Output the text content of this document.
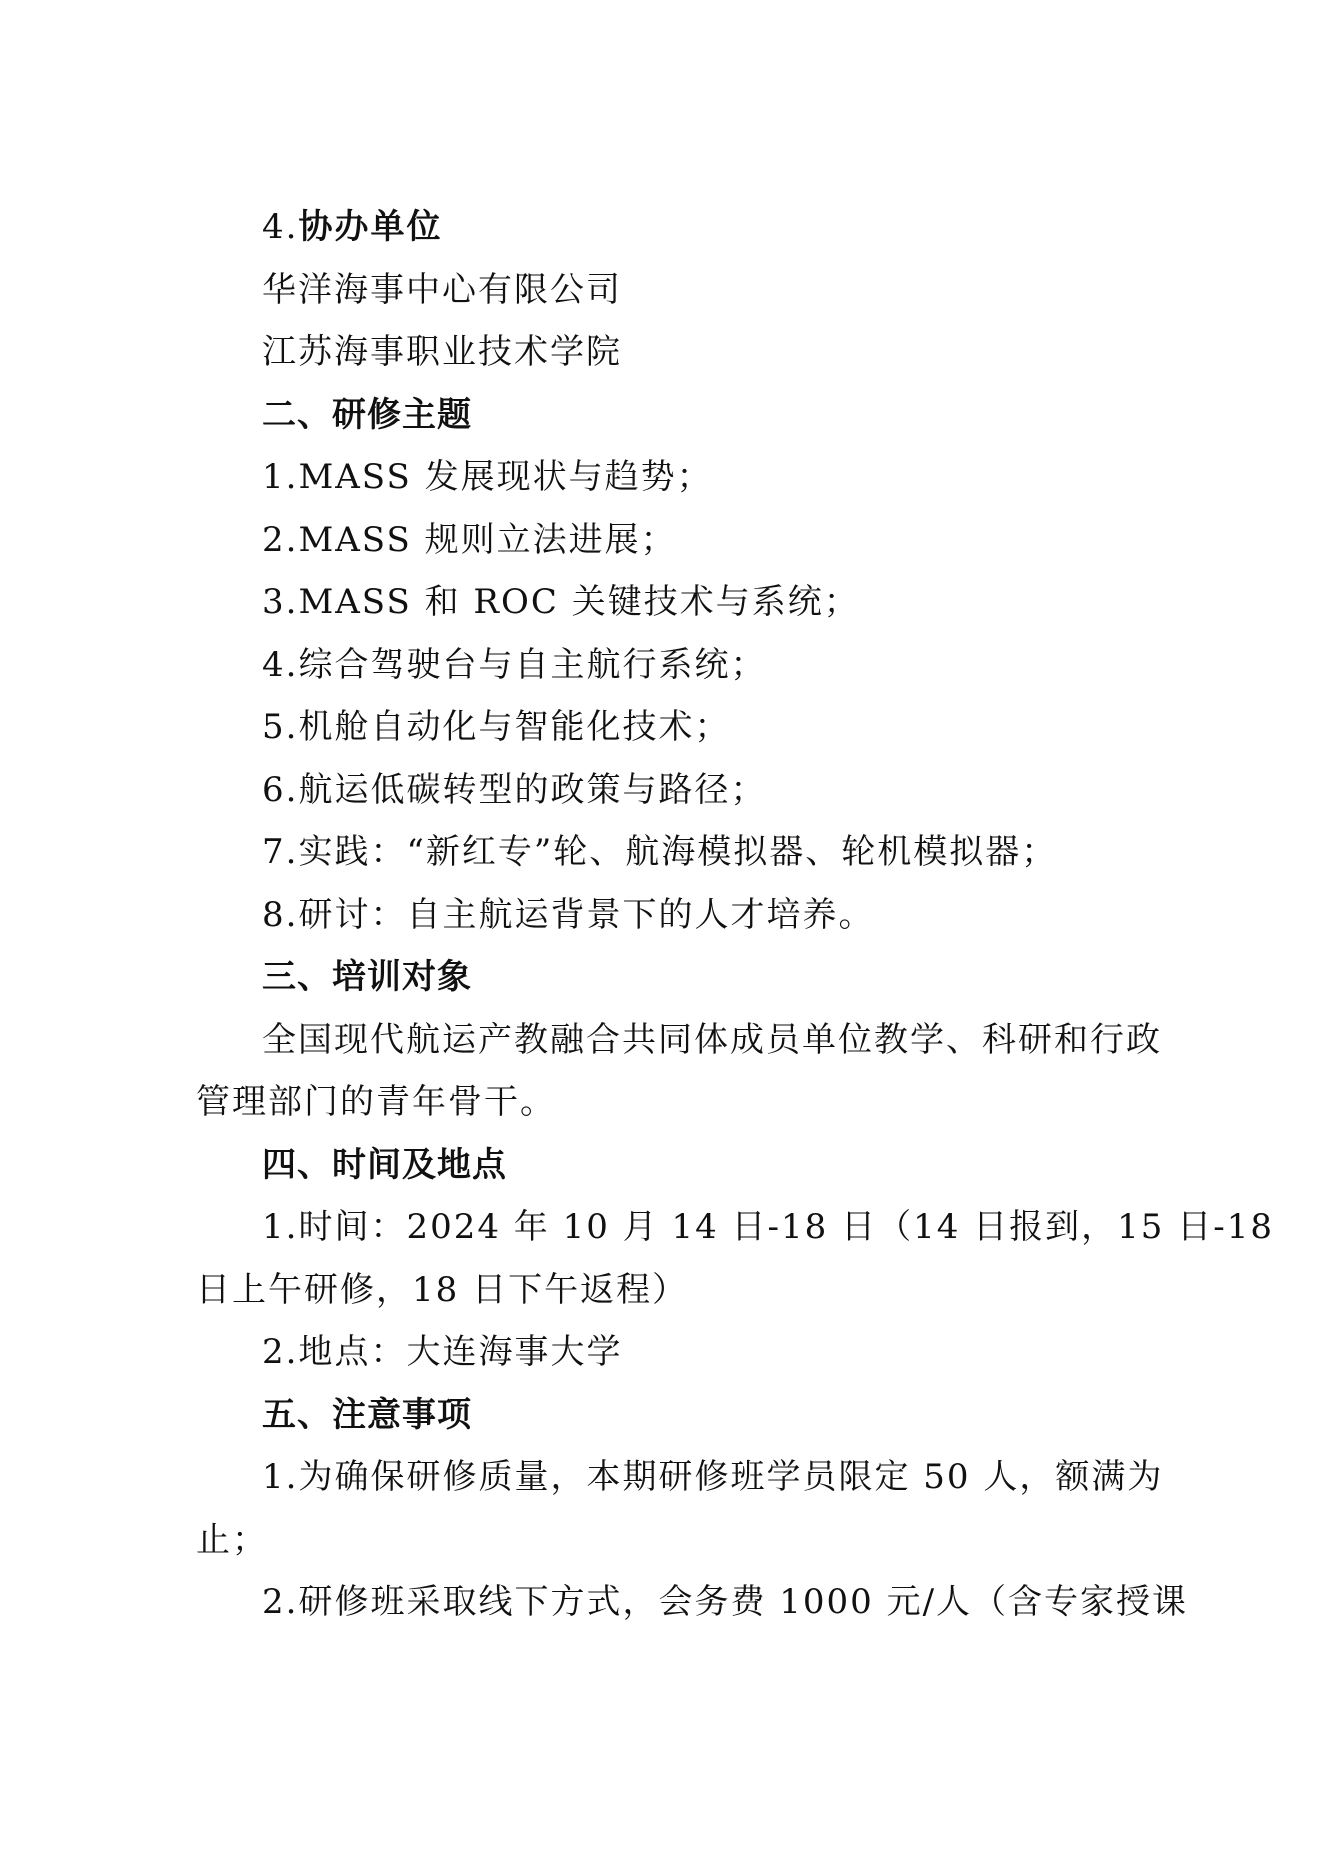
4.协办单位
华洋海事中心有限公司
江苏海事职业技术学院
二、研修主题
1.MASS 发展现状与趋势；
2.MASS 规则立法进展；
3.MASS 和 ROC 关键技术与系统；
4.综合驾驶台与自主航行系统；
5.机舱自动化与智能化技术；
6.航运低碳转型的政策与路径；
7.实践：“新红专”轮、航海模拟器、轮机模拟器；
8.研讨：自主航运背景下的人才培养。
三、培训对象
全国现代航运产教融合共同体成员单位教学、科研和行政
管理部门的青年骨干。
四、时间及地点
1.时间：2024 年 10 月 14 日-18 日（14 日报到，15 日-18
日上午研修，18 日下午返程）
2.地点：大连海事大学
五、注意事项
1.为确保研修质量，本期研修班学员限定 50 人，额满为
止；
2.研修班采取线下方式，会务费 1000 元/人（含专家授课
